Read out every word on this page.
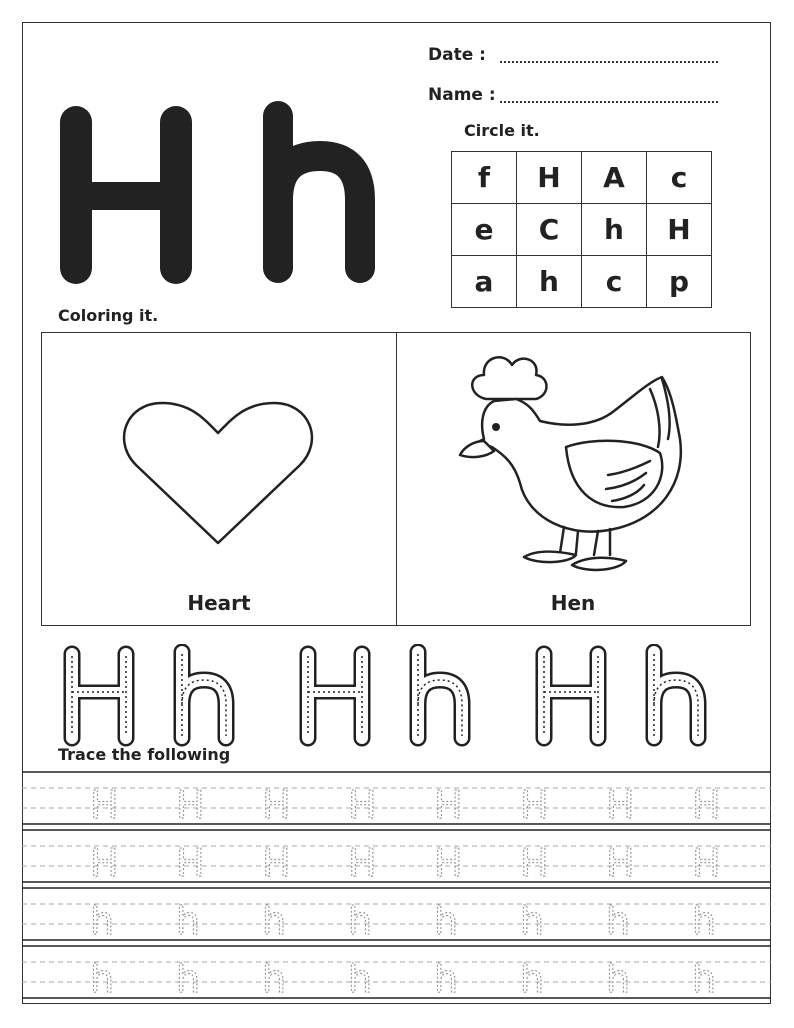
Date :
Name :
Circle it.
f	H	A	c
e	C	h	H
a	h	c	p
Coloring it.
Heart	Hen
Trace the following
H H H H H H H H
H H H H H H H H
h h h h h h h h
h h h h h h h h
